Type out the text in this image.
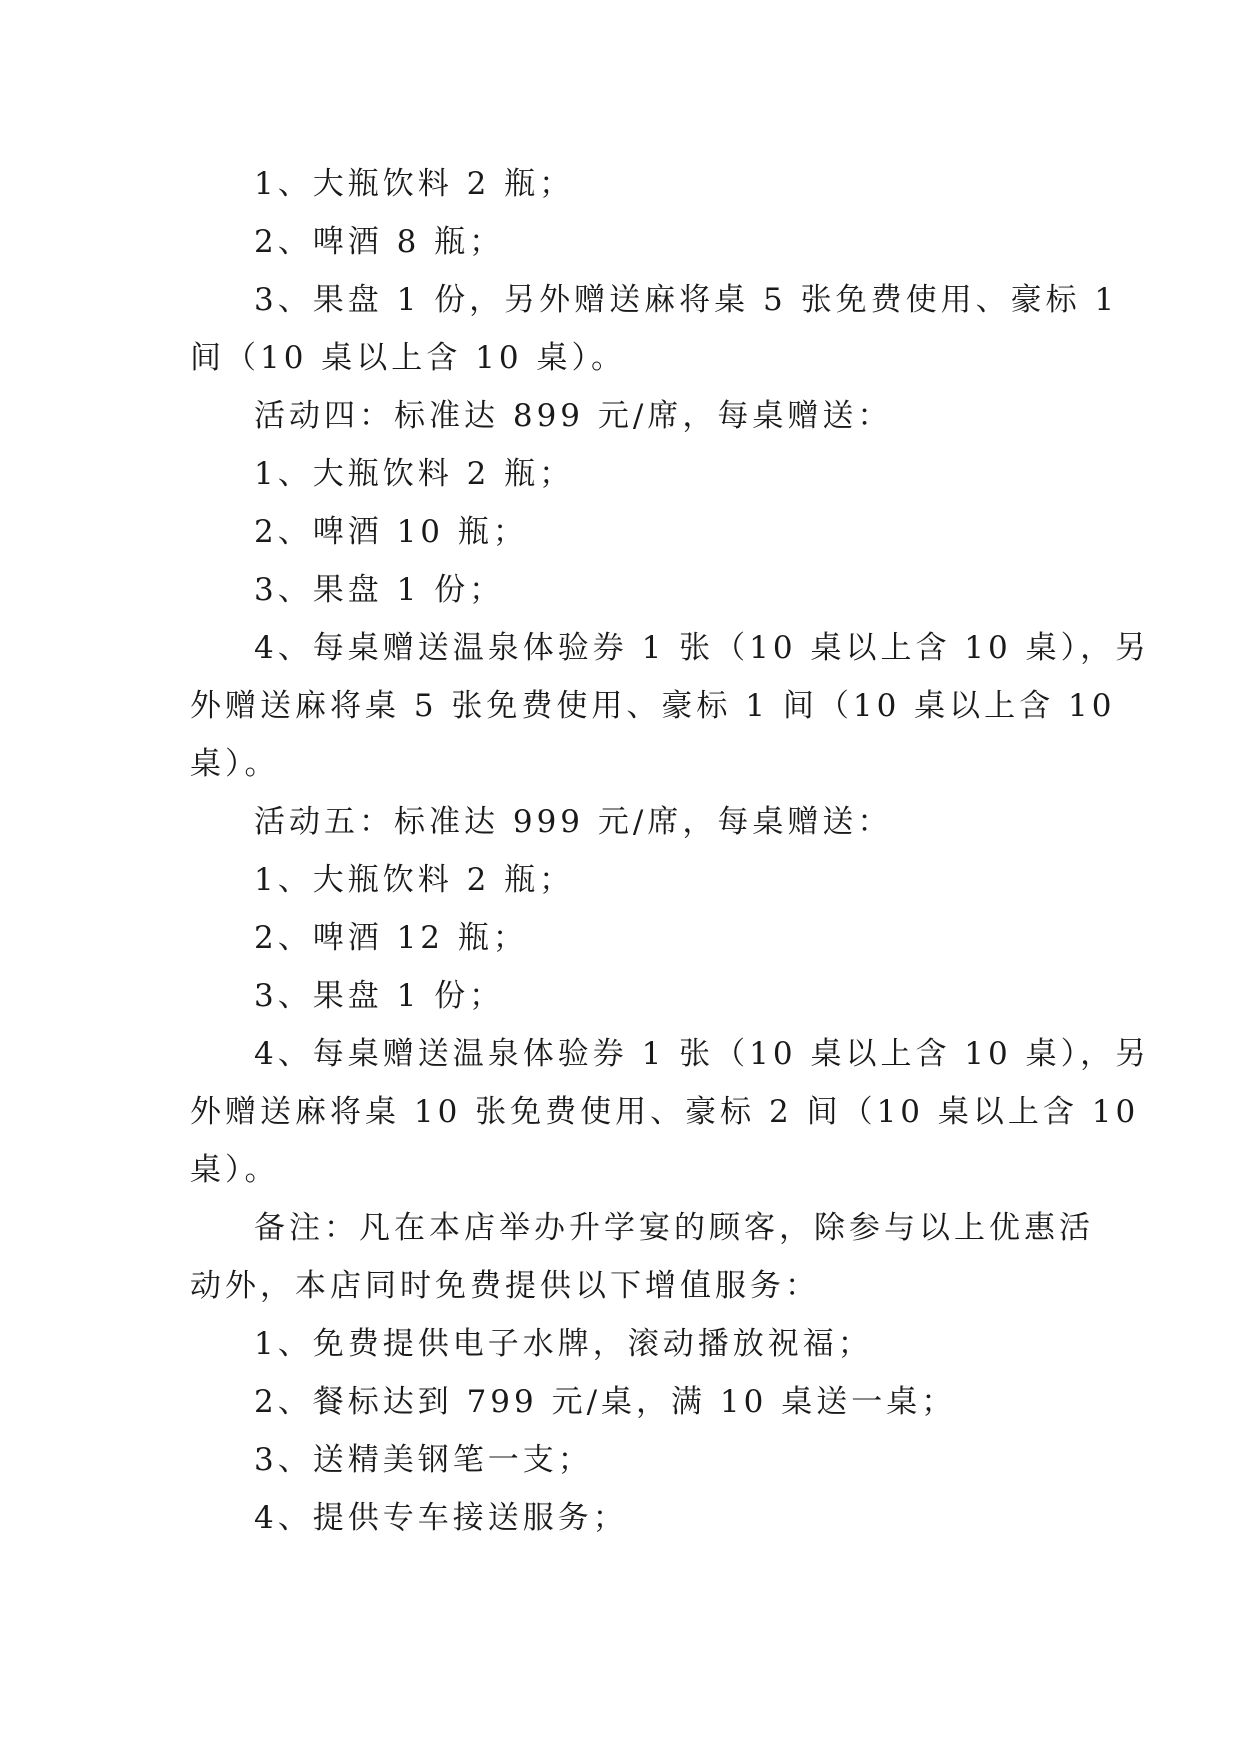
1、大瓶饮料 2 瓶；
2、啤酒 8 瓶；
3、果盘 1 份，另外赠送麻将桌 5 张免费使用、豪标 1
间（10 桌以上含 10 桌）。
活动四：标准达 899 元/席，每桌赠送：
1、大瓶饮料 2 瓶；
2、啤酒 10 瓶；
3、果盘 1 份；
4、每桌赠送温泉体验券 1 张（10 桌以上含 10 桌），另
外赠送麻将桌 5 张免费使用、豪标 1 间（10 桌以上含 10
桌）。
活动五：标准达 999 元/席，每桌赠送：
1、大瓶饮料 2 瓶；
2、啤酒 12 瓶；
3、果盘 1 份；
4、每桌赠送温泉体验券 1 张（10 桌以上含 10 桌），另
外赠送麻将桌 10 张免费使用、豪标 2 间（10 桌以上含 10
桌）。
备注：凡在本店举办升学宴的顾客，除参与以上优惠活
动外，本店同时免费提供以下增值服务：
1、免费提供电子水牌，滚动播放祝福；
2、餐标达到 799 元/桌，满 10 桌送一桌；
3、送精美钢笔一支；
4、提供专车接送服务；
